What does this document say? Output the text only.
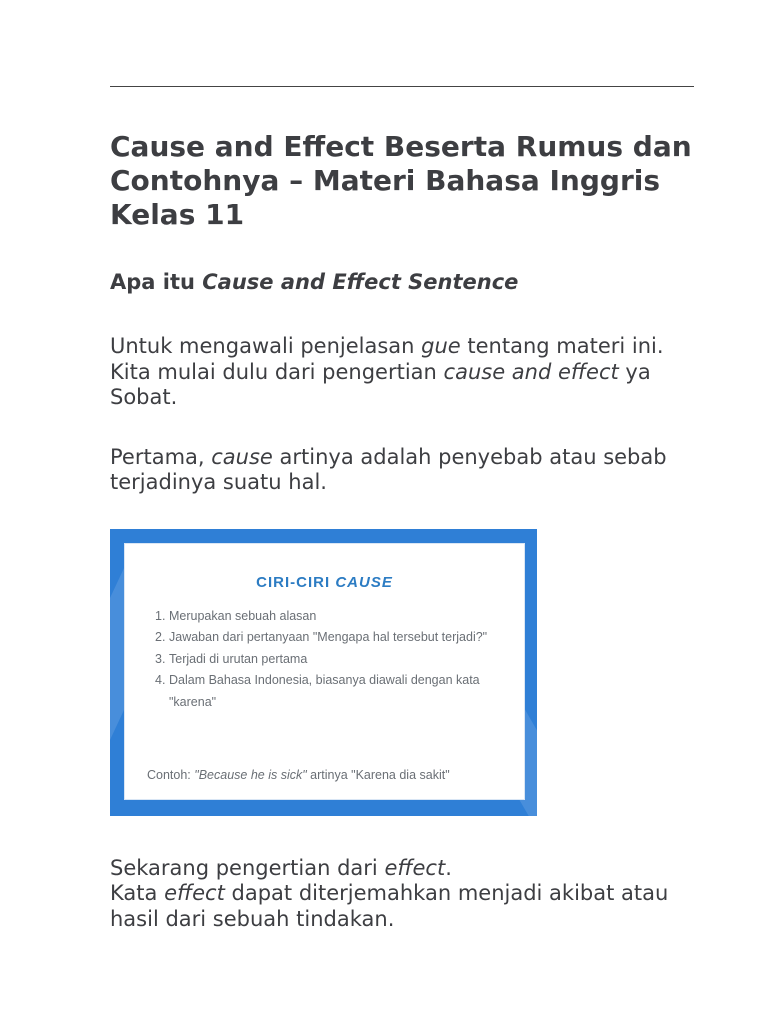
Cause and Effect Beserta Rumus dan Contohnya – Materi Bahasa Inggris Kelas 11
Apa itu Cause and Effect Sentence

Untuk mengawali penjelasan gue tentang materi ini. Kita mulai dulu dari pengertian cause and effect ya Sobat.

Pertama, cause artinya adalah penyebab atau sebab terjadinya suatu hal.

CIRI-CIRI CAUSE
1. Merupakan sebuah alasan
2. Jawaban dari pertanyaan "Mengapa hal tersebut terjadi?"
3. Terjadi di urutan pertama
4. Dalam Bahasa Indonesia, biasanya diawali dengan kata "karena"
Contoh: "Because he is sick" artinya "Karena dia sakit"

Sekarang pengertian dari effect.

Kata effect dapat diterjemahkan menjadi akibat atau hasil dari sebuah tindakan.
